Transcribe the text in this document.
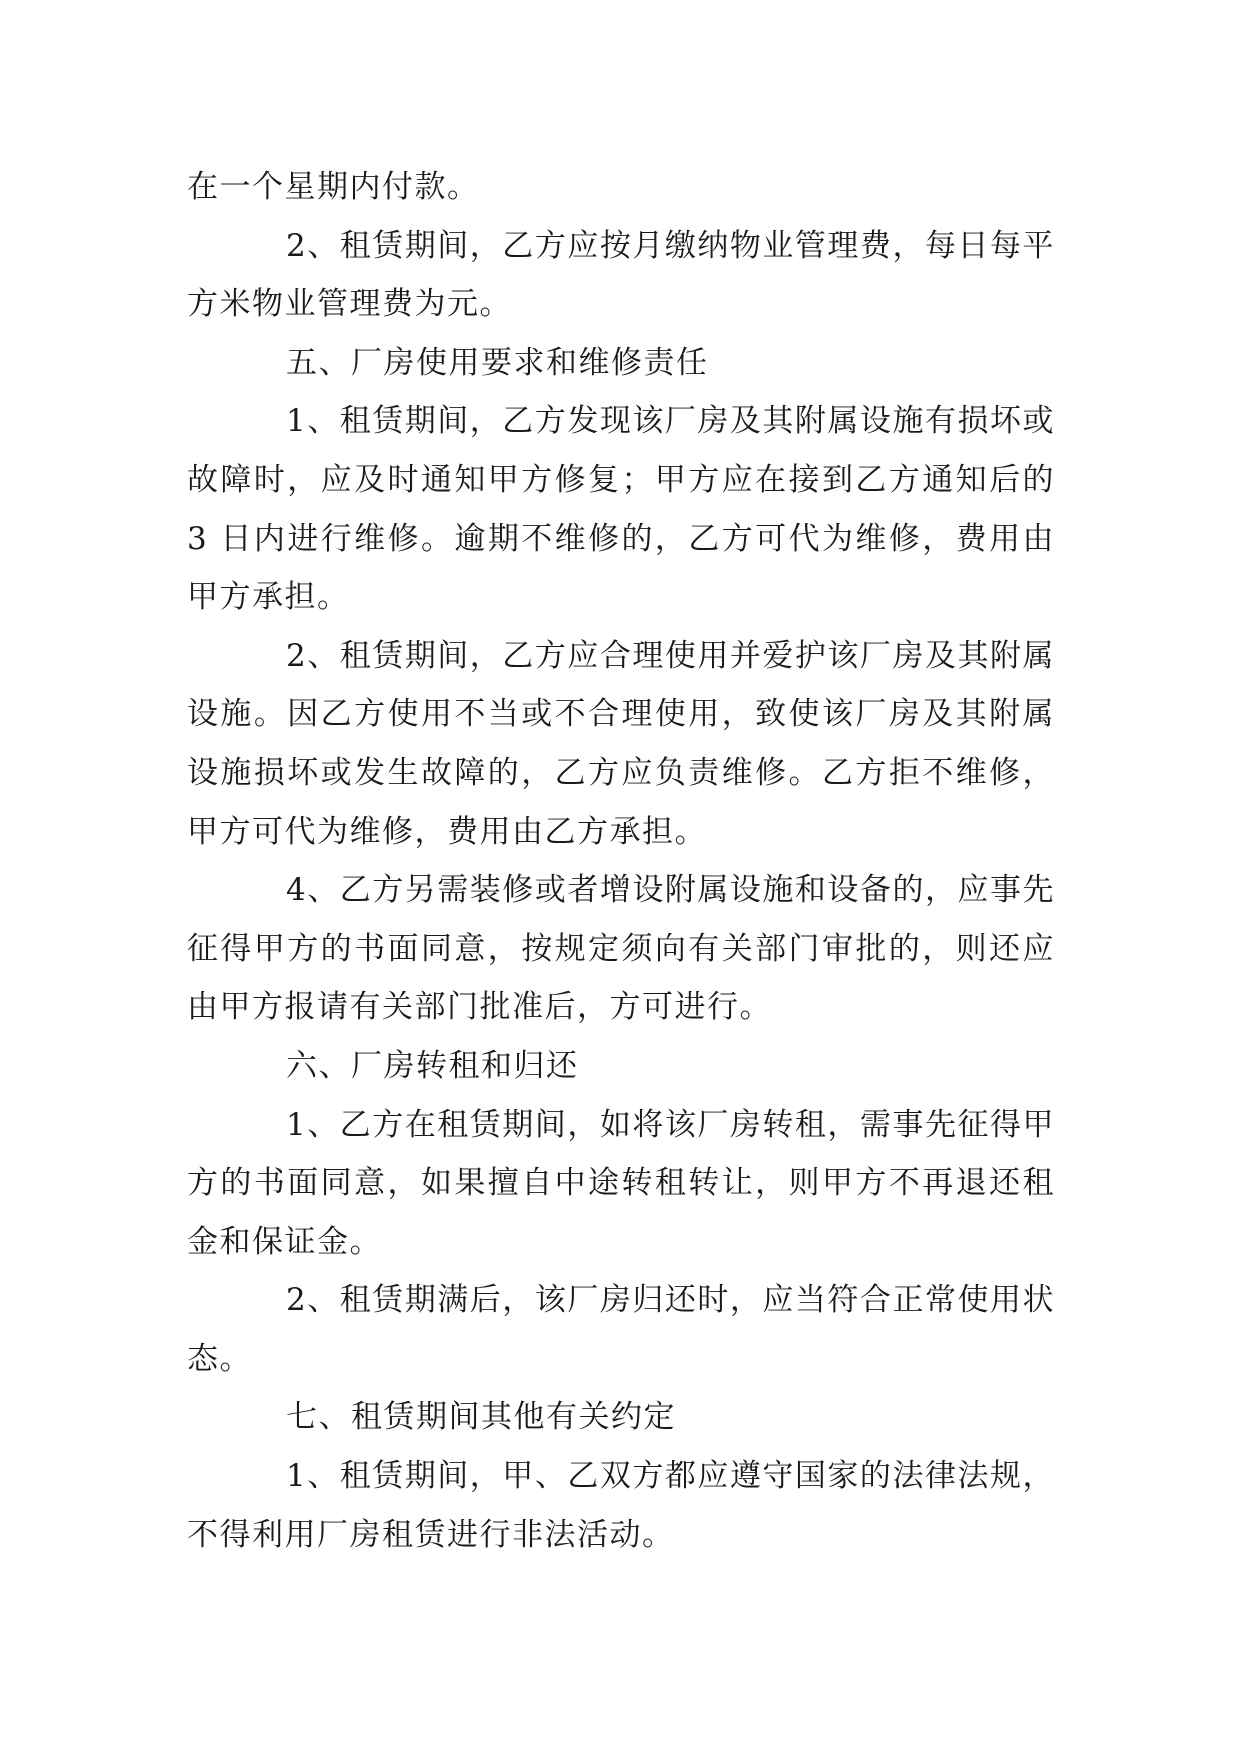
在一个星期内付款。

2、租赁期间，乙方应按月缴纳物业管理费，每日每平方米物业管理费为元。

五、厂房使用要求和维修责任

1、租赁期间，乙方发现该厂房及其附属设施有损坏或故障时，应及时通知甲方修复；甲方应在接到乙方通知后的 3 日内进行维修。逾期不维修的，乙方可代为维修，费用由甲方承担。

2、租赁期间，乙方应合理使用并爱护该厂房及其附属设施。因乙方使用不当或不合理使用，致使该厂房及其附属设施损坏或发生故障的，乙方应负责维修。乙方拒不维修，甲方可代为维修，费用由乙方承担。

4、乙方另需装修或者增设附属设施和设备的，应事先征得甲方的书面同意，按规定须向有关部门审批的，则还应由甲方报请有关部门批准后，方可进行。

六、厂房转租和归还

1、乙方在租赁期间，如将该厂房转租，需事先征得甲方的书面同意，如果擅自中途转租转让，则甲方不再退还租金和保证金。

2、租赁期满后，该厂房归还时，应当符合正常使用状态。

七、租赁期间其他有关约定

1、租赁期间，甲、乙双方都应遵守国家的法律法规，不得利用厂房租赁进行非法活动。
